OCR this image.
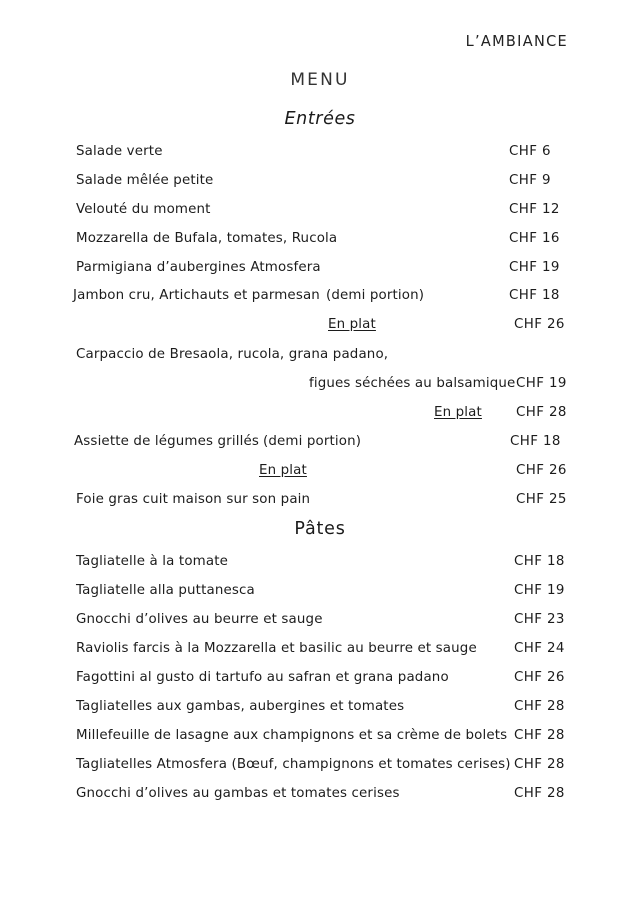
L’AMBIANCE
MENU
Entrées
Salade verte	CHF 6
Salade mêlée petite	CHF 9
Velouté du moment	CHF 12
Mozzarella de Bufala, tomates, Rucola	CHF 16
Parmigiana d’aubergines Atmosfera	CHF 19
Jambon cru, Artichauts et parmesan (demi portion)	CHF 18
En plat	CHF 26
Carpaccio de Bresaola, rucola, grana padano,
figues séchées au balsamique CHF 19
En plat	CHF 28
Assiette de légumes grillés (demi portion)	CHF 18
En plat	CHF 26
Foie gras cuit maison sur son pain	CHF 25
Pâtes
Tagliatelle à la tomate	CHF 18
Tagliatelle alla puttanesca	CHF 19
Gnocchi d’olives au beurre et sauge	CHF 23
Raviolis farcis à la Mozzarella et basilic au beurre et sauge	CHF 24
Fagottini al gusto di tartufo au safran et grana padano	CHF 26
Tagliatelles aux gambas, aubergines et tomates	CHF 28
Millefeuille de lasagne aux champignons et sa crème de bolets CHF 28
Tagliatelles Atmosfera (Bœuf, champignons et tomates cerises) CHF 28
Gnocchi d’olives au gambas et tomates cerises	CHF 28
